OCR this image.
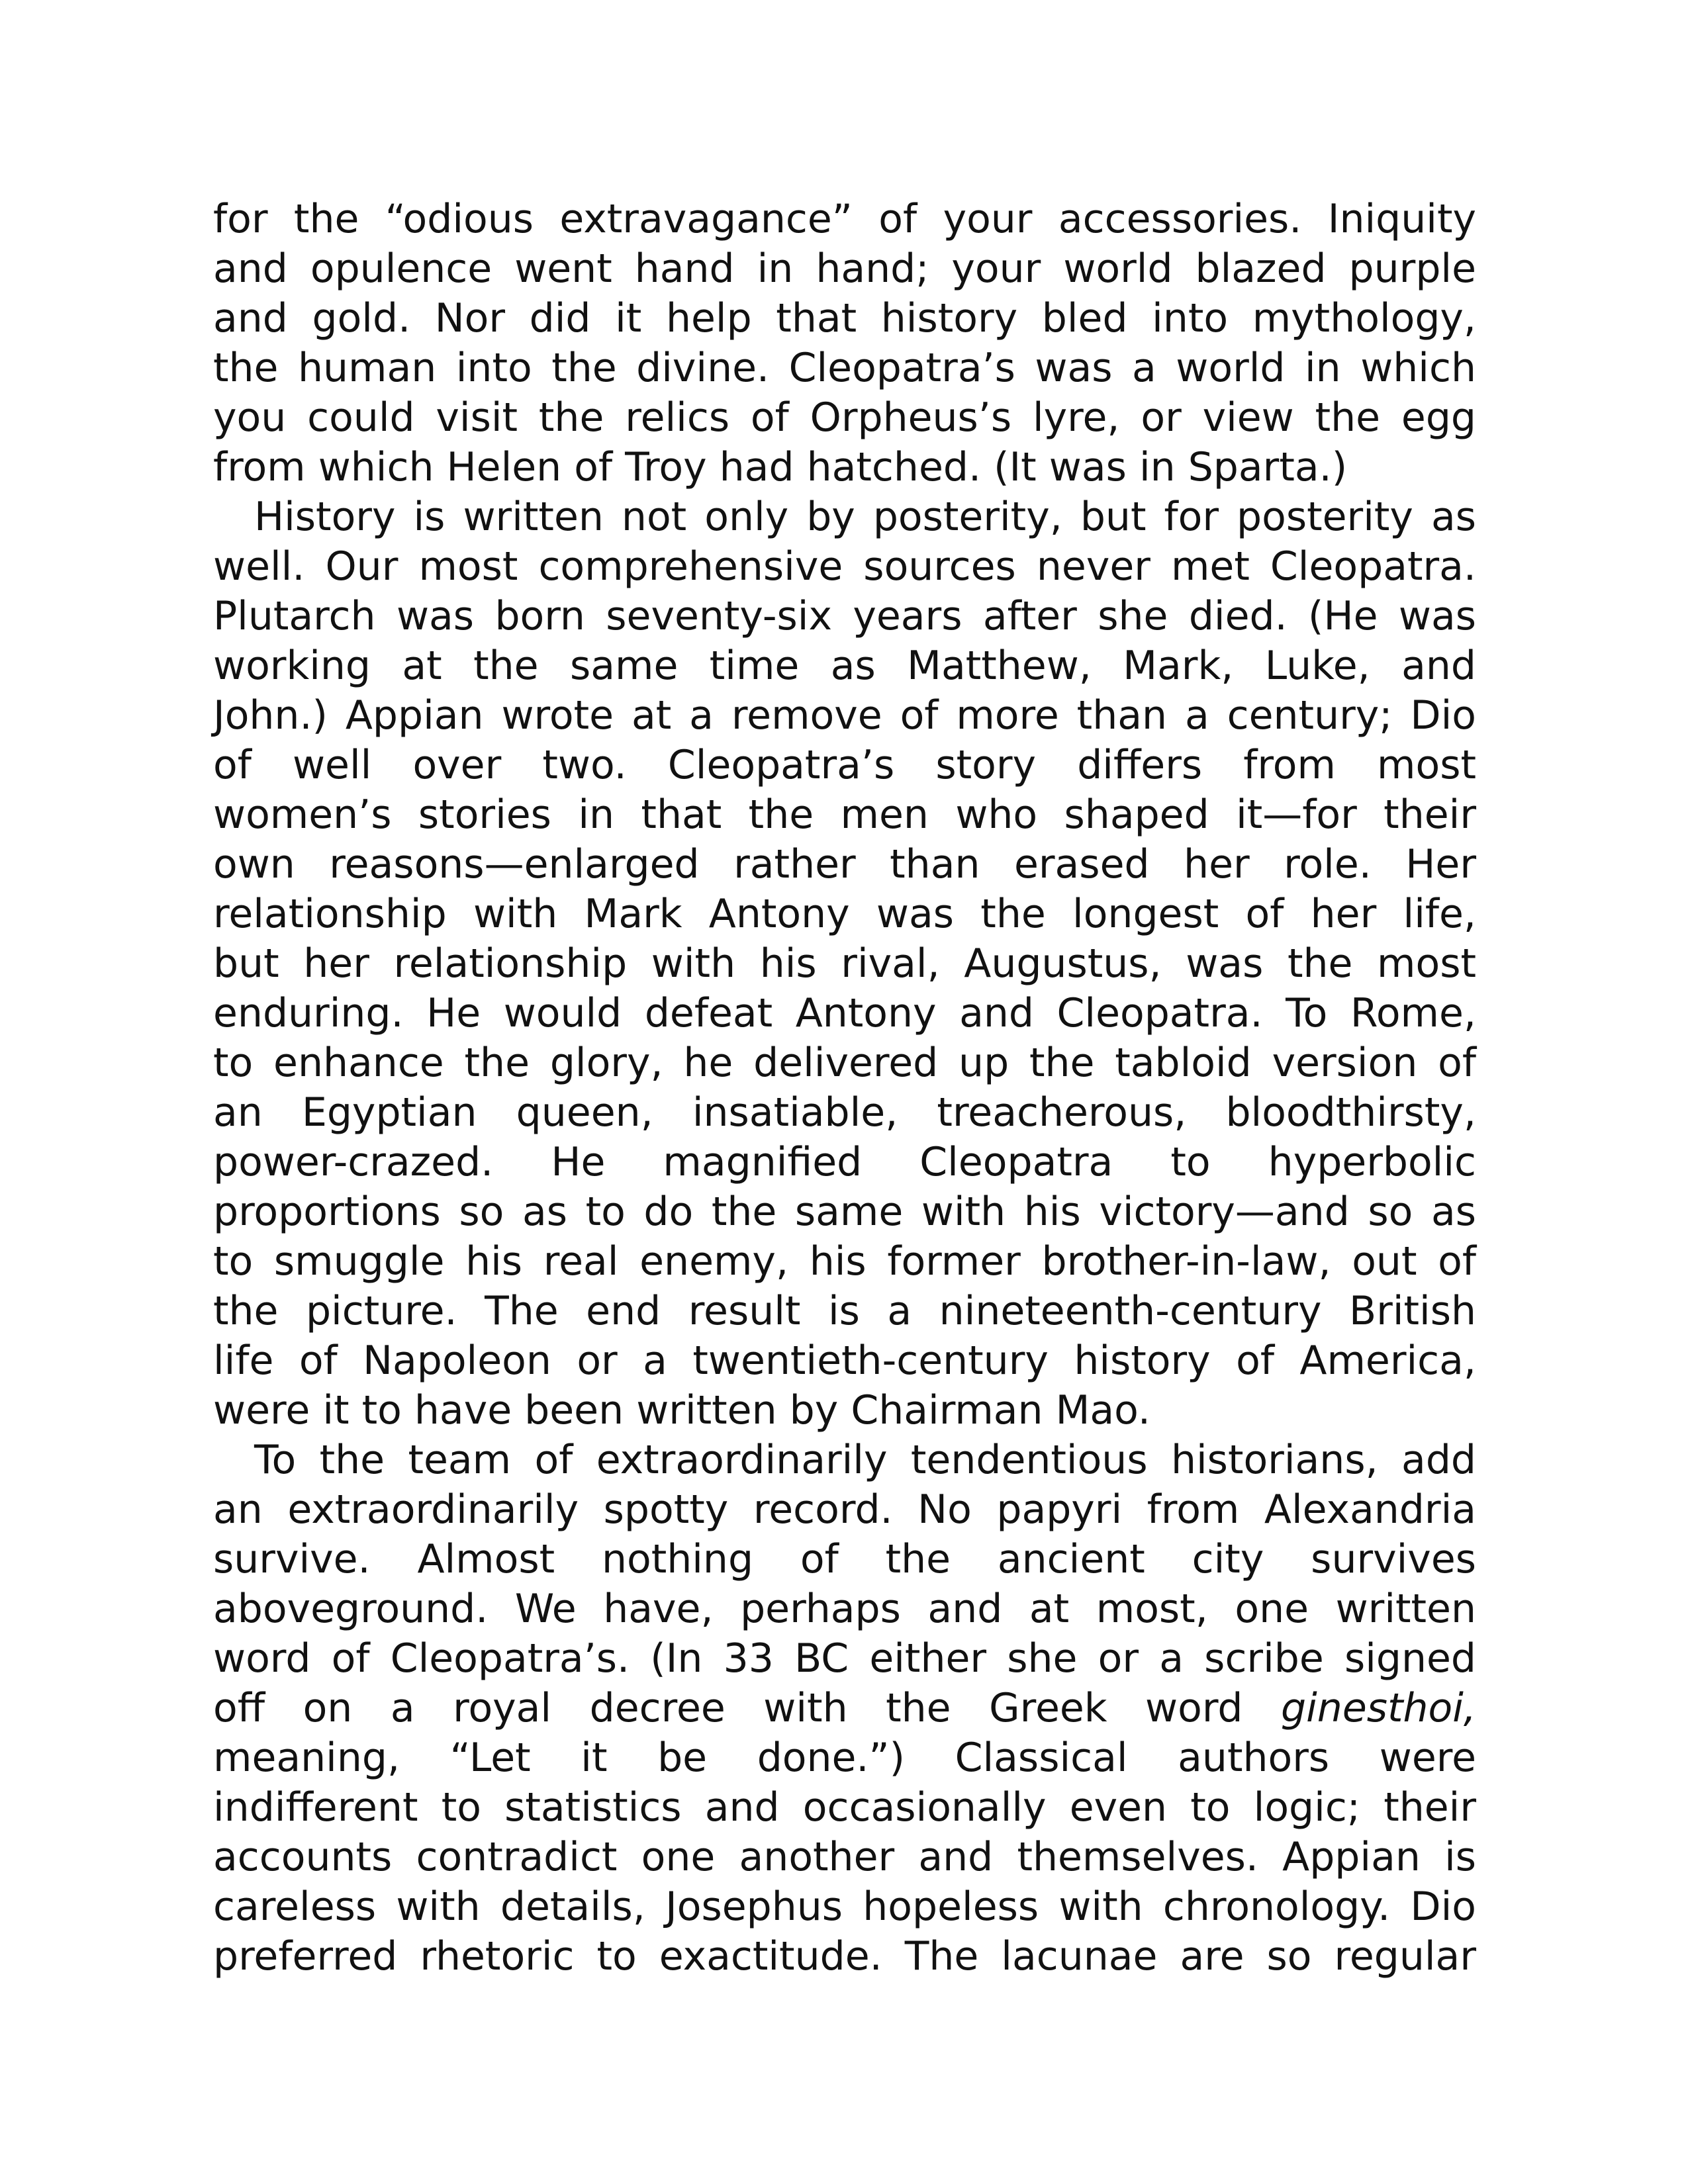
for the “odious extravagance” of your accessories. Iniquity
and opulence went hand in hand; your world blazed purple
and gold. Nor did it help that history bled into mythology,
the human into the divine. Cleopatra’s was a world in which
you could visit the relics of Orpheus’s lyre, or view the egg
from which Helen of Troy had hatched. (It was in Sparta.)
History is written not only by posterity, but for posterity as
well. Our most comprehensive sources never met Cleopatra.
Plutarch was born seventy-six years after she died. (He was
working at the same time as Matthew, Mark, Luke, and
John.) Appian wrote at a remove of more than a century; Dio
of well over two. Cleopatra’s story differs from most
women’s stories in that the men who shaped it—for their
own reasons—enlarged rather than erased her role. Her
relationship with Mark Antony was the longest of her life,
but her relationship with his rival, Augustus, was the most
enduring. He would defeat Antony and Cleopatra. To Rome,
to enhance the glory, he delivered up the tabloid version of
an Egyptian queen, insatiable, treacherous, bloodthirsty,
power-crazed. He magnified Cleopatra to hyperbolic
proportions so as to do the same with his victory—and so as
to smuggle his real enemy, his former brother-in-law, out of
the picture. The end result is a nineteenth-century British
life of Napoleon or a twentieth-century history of America,
were it to have been written by Chairman Mao.
To the team of extraordinarily tendentious historians, add
an extraordinarily spotty record. No papyri from Alexandria
survive. Almost nothing of the ancient city survives
aboveground. We have, perhaps and at most, one written
word of Cleopatra’s. (In 33 BC either she or a scribe signed
off on a royal decree with the Greek word ginesthoi,
meaning, “Let it be done.”) Classical authors were
indifferent to statistics and occasionally even to logic; their
accounts contradict one another and themselves. Appian is
careless with details, Josephus hopeless with chronology. Dio
preferred rhetoric to exactitude. The lacunae are so regular
